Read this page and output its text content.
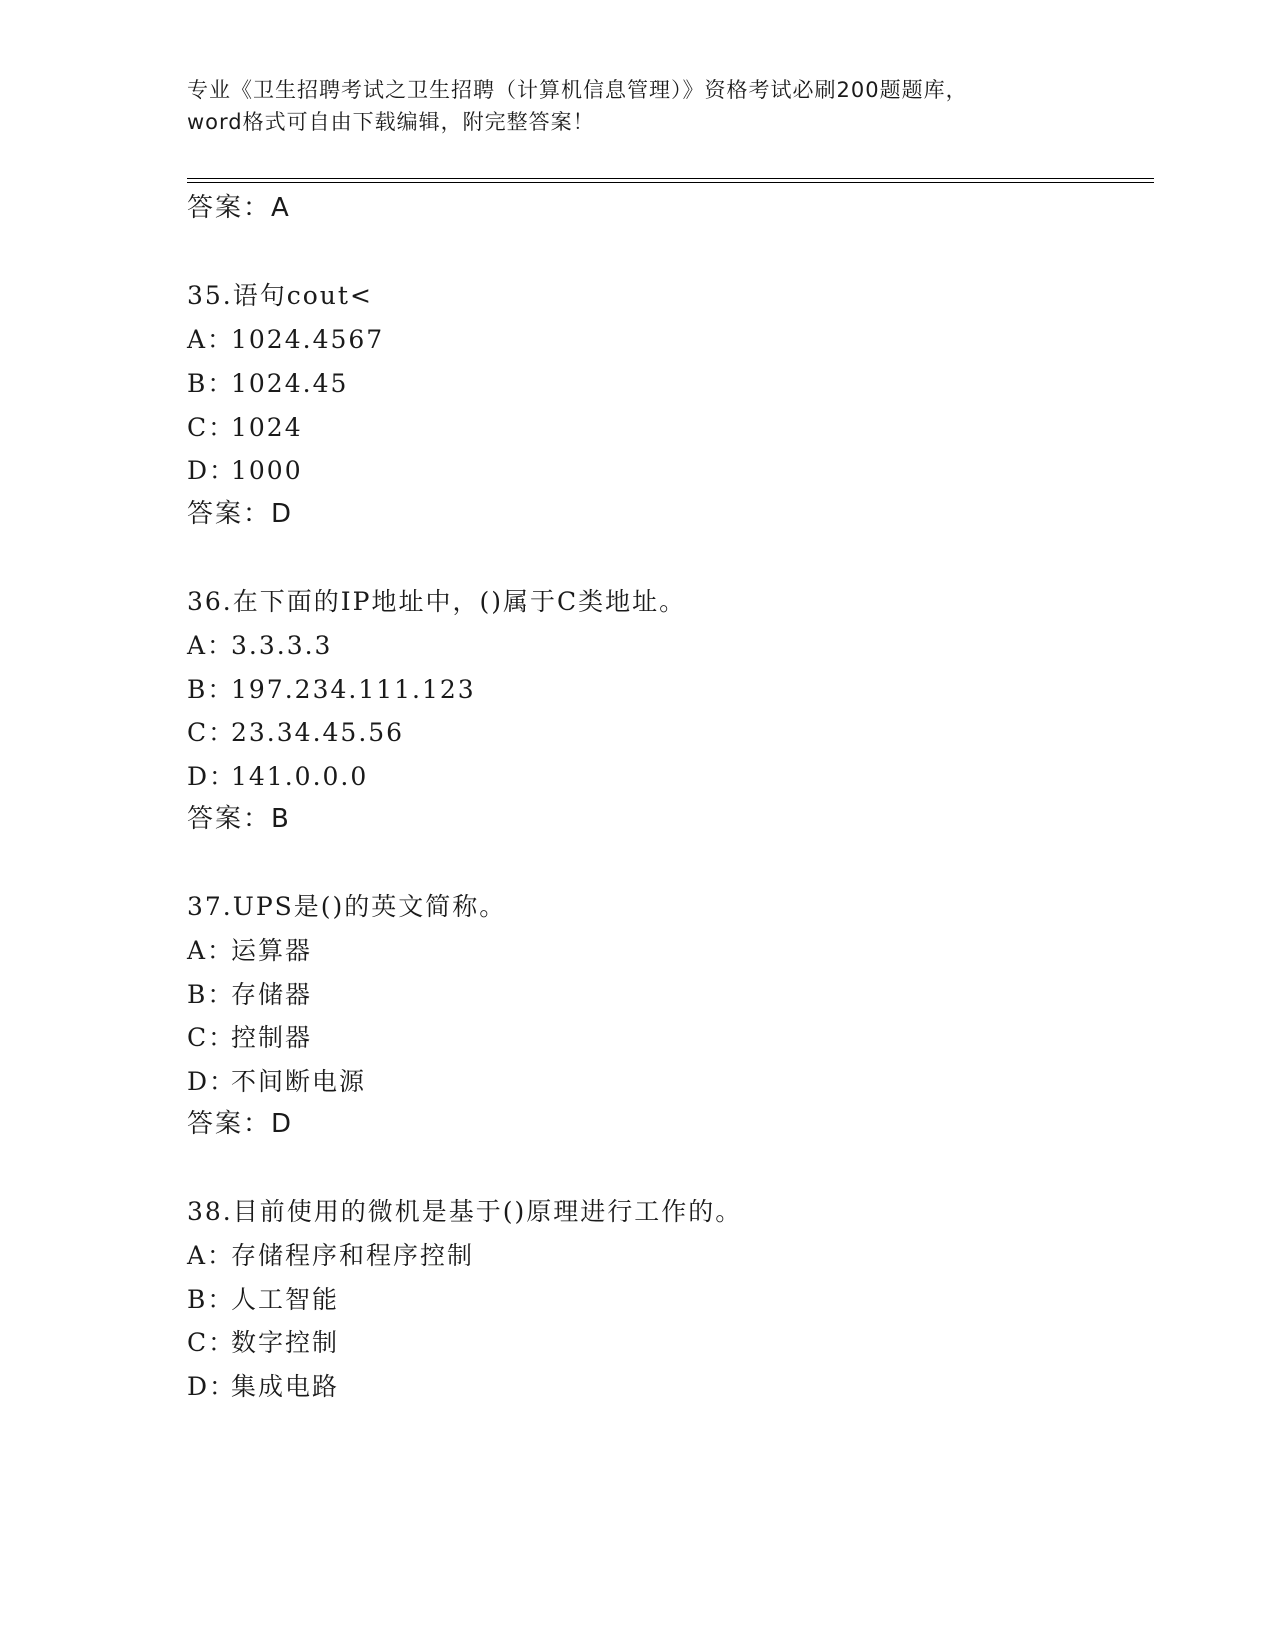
专业《卫生招聘考试之卫生招聘（计算机信息管理）》资格考试必刷200题题库，
word格式可自由下载编辑，附完整答案！
答案：A
35.语句cout<
A：1024.4567
B：1024.45
C：1024
D：1000
答案：D
36.在下面的IP地址中，()属于C类地址。
A：3.3.3.3
B：197.234.111.123
C：23.34.45.56
D：141.0.0.0
答案：B
37.UPS是()的英文简称。
A：运算器
B：存储器
C：控制器
D：不间断电源
答案：D
38.目前使用的微机是基于()原理进行工作的。
A：存储程序和程序控制
B：人工智能
C：数字控制
D：集成电路
